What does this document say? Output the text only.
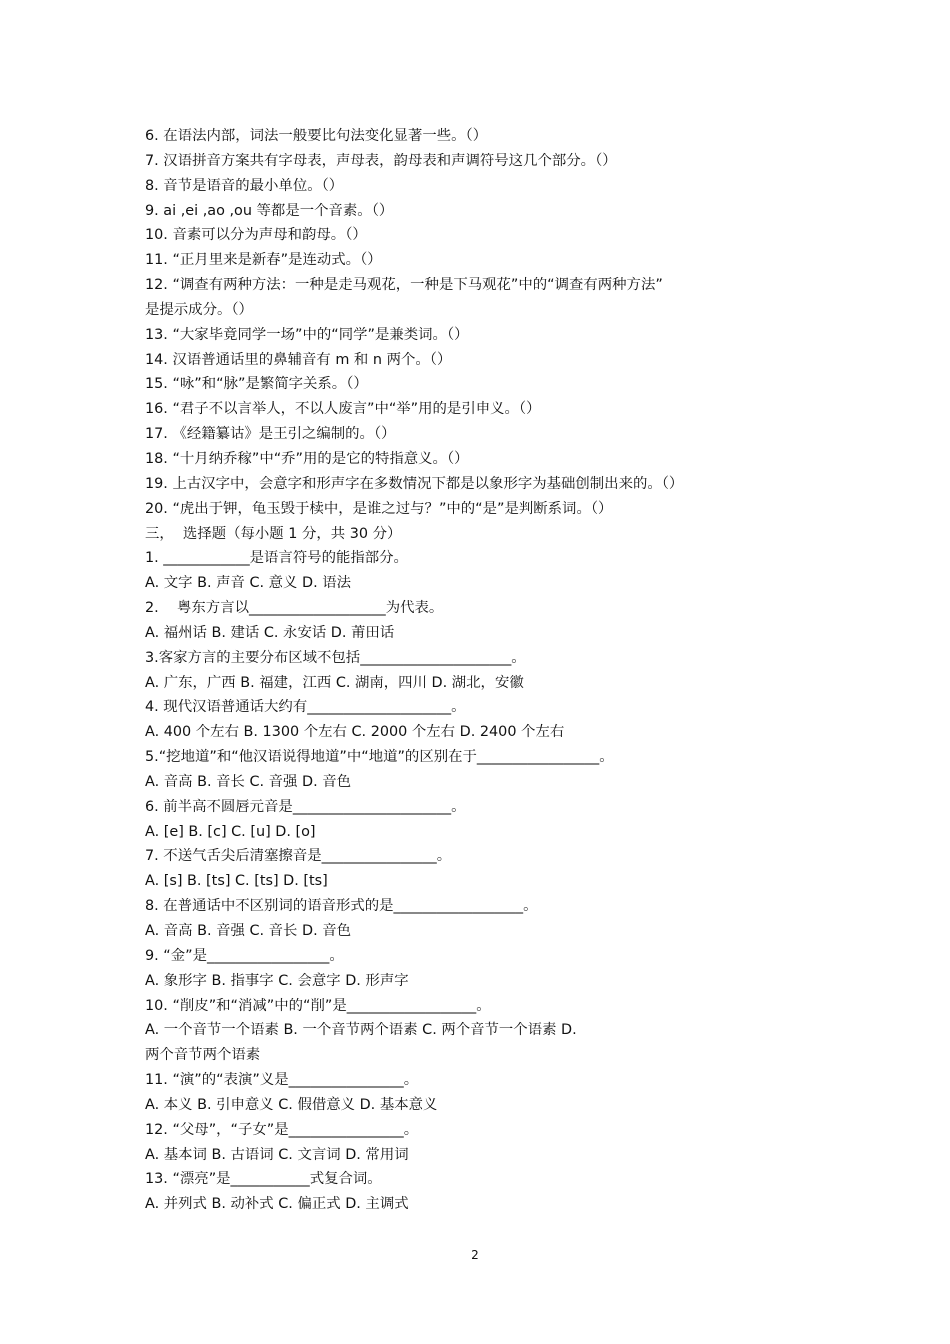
6. 在语法内部，词法一般要比句法变化显著一些。（）
7. 汉语拼音方案共有字母表，声母表，韵母表和声调符号这几个部分。（）
8. 音节是语音的最小单位。（）
9. ai ,ei ,ao ,ou 等都是一个音素。（）
10. 音素可以分为声母和韵母。（）
11. “正月里来是新春”是连动式。（）
12. “调查有两种方法：一种是走马观花，一种是下马观花”中的“调查有两种方法”
是提示成分。（）
13. “大家毕竟同学一场”中的“同学”是兼类词。（）
14. 汉语普通话里的鼻辅音有 m 和 n 两个。（）
15. “咏”和“脉”是繁简字关系。（）
16. “君子不以言举人，不以人废言”中“举”用的是引申义。（）
17. 《经籍纂诂》是王引之编制的。（）
18. “十月纳乔稼”中“乔”用的是它的特指意义。（）
19. 上古汉字中，会意字和形声字在多数情况下都是以象形字为基础创制出来的。（）
20. “虎出于钾，龟玉毁于椟中，是谁之过与？”中的“是”是判断系词。（）
三，  选择题（每小题 1 分，共 30 分）
1. ____________是语言符号的能指部分。
A. 文字 B. 声音 C. 意义 D. 语法
2.    粤东方言以___________________为代表。
A. 福州话 B. 建话 C. 永安话 D. 莆田话
3.客家方言的主要分布区域不包括_____________________。
A. 广东，广西 B. 福建，江西 C. 湖南，四川 D. 湖北，安徽
4. 现代汉语普通话大约有____________________。
A. 400 个左右 B. 1300 个左右 C. 2000 个左右 D. 2400 个左右
5.“挖地道”和“他汉语说得地道”中“地道”的区别在于_________________。
A. 音高 B. 音长 C. 音强 D. 音色
6. 前半高不圆唇元音是______________________。
A. [e] B. [c] C. [u] D. [o]
7. 不送气舌尖后清塞擦音是________________。
A. [s] B. [ts] C. [ts] D. [ts]
8. 在普通话中不区别词的语音形式的是__________________。
A. 音高 B. 音强 C. 音长 D. 音色
9. “金”是_________________。
A. 象形字 B. 指事字 C. 会意字 D. 形声字
10. “削皮”和“消减”中的“削”是__________________。
A. 一个音节一个语素 B. 一个音节两个语素 C. 两个音节一个语素 D.
两个音节两个语素
11. “演”的“表演”义是________________。
A. 本义 B. 引申意义 C. 假借意义 D. 基本意义
12. “父母”，“子女”是________________。
A. 基本词 B. 古语词 C. 文言词 D. 常用词
13. “漂亮”是___________式复合词。
A. 并列式 B. 动补式 C. 偏正式 D. 主调式
2
